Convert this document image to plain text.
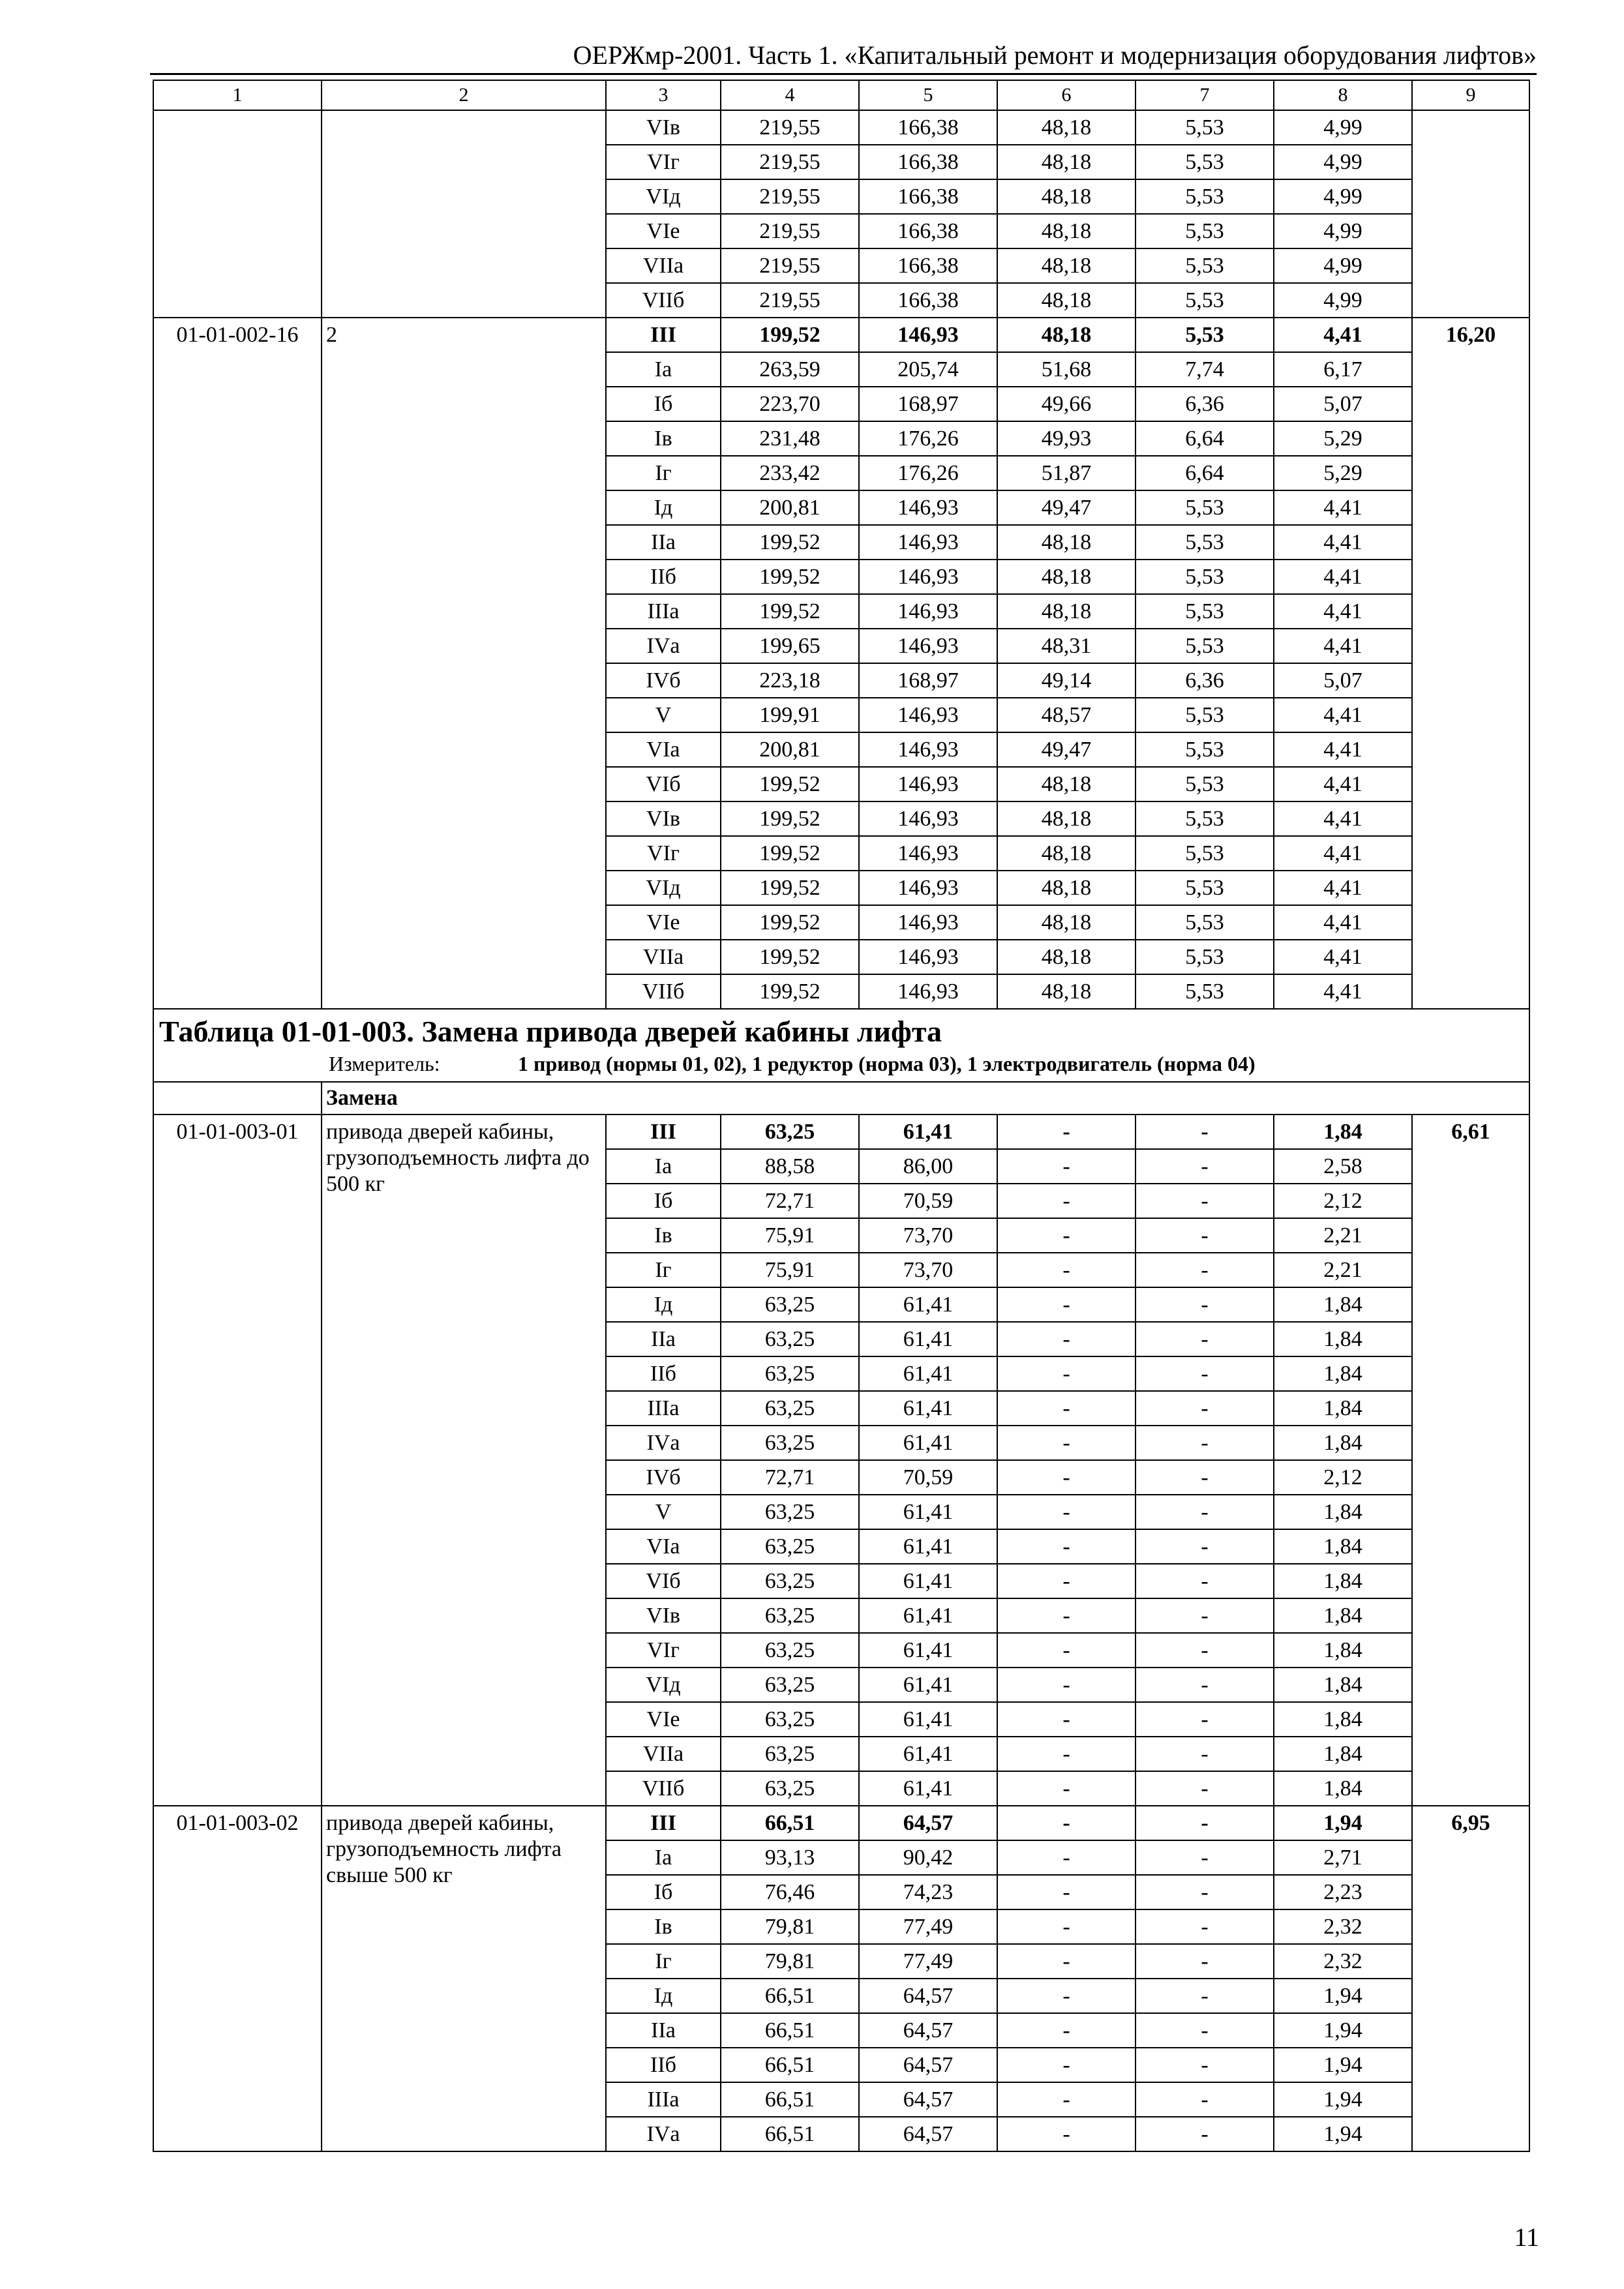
ОЕРЖмр-2001. Часть 1. «Капитальный ремонт и модернизация оборудования лифтов»
1	2	3	4	5	6	7	8	9
		VIв	219,55	166,38	48,18	5,53	4,99	
		VIг	219,55	166,38	48,18	5,53	4,99	
		VIд	219,55	166,38	48,18	5,53	4,99	
		VIе	219,55	166,38	48,18	5,53	4,99	
		VIIа	219,55	166,38	48,18	5,53	4,99	
		VIIб	219,55	166,38	48,18	5,53	4,99	
01-01-002-16	2	III	199,52	146,93	48,18	5,53	4,41	16,20
		Iа	263,59	205,74	51,68	7,74	6,17	
		Iб	223,70	168,97	49,66	6,36	5,07	
		Iв	231,48	176,26	49,93	6,64	5,29	
		Iг	233,42	176,26	51,87	6,64	5,29	
		Iд	200,81	146,93	49,47	5,53	4,41	
		IIа	199,52	146,93	48,18	5,53	4,41	
		IIб	199,52	146,93	48,18	5,53	4,41	
		IIIа	199,52	146,93	48,18	5,53	4,41	
		IVа	199,65	146,93	48,31	5,53	4,41	
		IVб	223,18	168,97	49,14	6,36	5,07	
		V	199,91	146,93	48,57	5,53	4,41	
		VIа	200,81	146,93	49,47	5,53	4,41	
		VIб	199,52	146,93	48,18	5,53	4,41	
		VIв	199,52	146,93	48,18	5,53	4,41	
		VIг	199,52	146,93	48,18	5,53	4,41	
		VIд	199,52	146,93	48,18	5,53	4,41	
		VIе	199,52	146,93	48,18	5,53	4,41	
		VIIа	199,52	146,93	48,18	5,53	4,41	
		VIIб	199,52	146,93	48,18	5,53	4,41	

Таблица 01-01-003. Замена привода дверей кабины лифта
Измеритель: 1 привод (нормы 01, 02), 1 редуктор (норма 03), 1 электродвигатель (норма 04)								

	Замена							
01-01-003-01	привода дверей кабины, грузоподъемность лифта до 500 кг	III	63,25	61,41	-	-	1,84	6,61
		Iа	88,58	86,00	-	-	2,58	
		Iб	72,71	70,59	-	-	2,12	
		Iв	75,91	73,70	-	-	2,21	
		Iг	75,91	73,70	-	-	2,21	
		Iд	63,25	61,41	-	-	1,84	
		IIа	63,25	61,41	-	-	1,84	
		IIб	63,25	61,41	-	-	1,84	
		IIIа	63,25	61,41	-	-	1,84	
		IVа	63,25	61,41	-	-	1,84	
		IVб	72,71	70,59	-	-	2,12	
		V	63,25	61,41	-	-	1,84	
		VIа	63,25	61,41	-	-	1,84	
		VIб	63,25	61,41	-	-	1,84	
		VIв	63,25	61,41	-	-	1,84	
		VIг	63,25	61,41	-	-	1,84	
		VIд	63,25	61,41	-	-	1,84	
		VIе	63,25	61,41	-	-	1,84	
		VIIа	63,25	61,41	-	-	1,84	
		VIIб	63,25	61,41	-	-	1,84	
01-01-003-02	привода дверей кабины, грузоподъемность лифта свыше 500 кг	III	66,51	64,57	-	-	1,94	6,95
		Iа	93,13	90,42	-	-	2,71	
		Iб	76,46	74,23	-	-	2,23	
		Iв	79,81	77,49	-	-	2,32	
		Iг	79,81	77,49	-	-	2,32	
		Iд	66,51	64,57	-	-	1,94	
		IIа	66,51	64,57	-	-	1,94	
		IIб	66,51	64,57	-	-	1,94	
		IIIа	66,51	64,57	-	-	1,94	
		IVа	66,51	64,57	-	-	1,94	
11
